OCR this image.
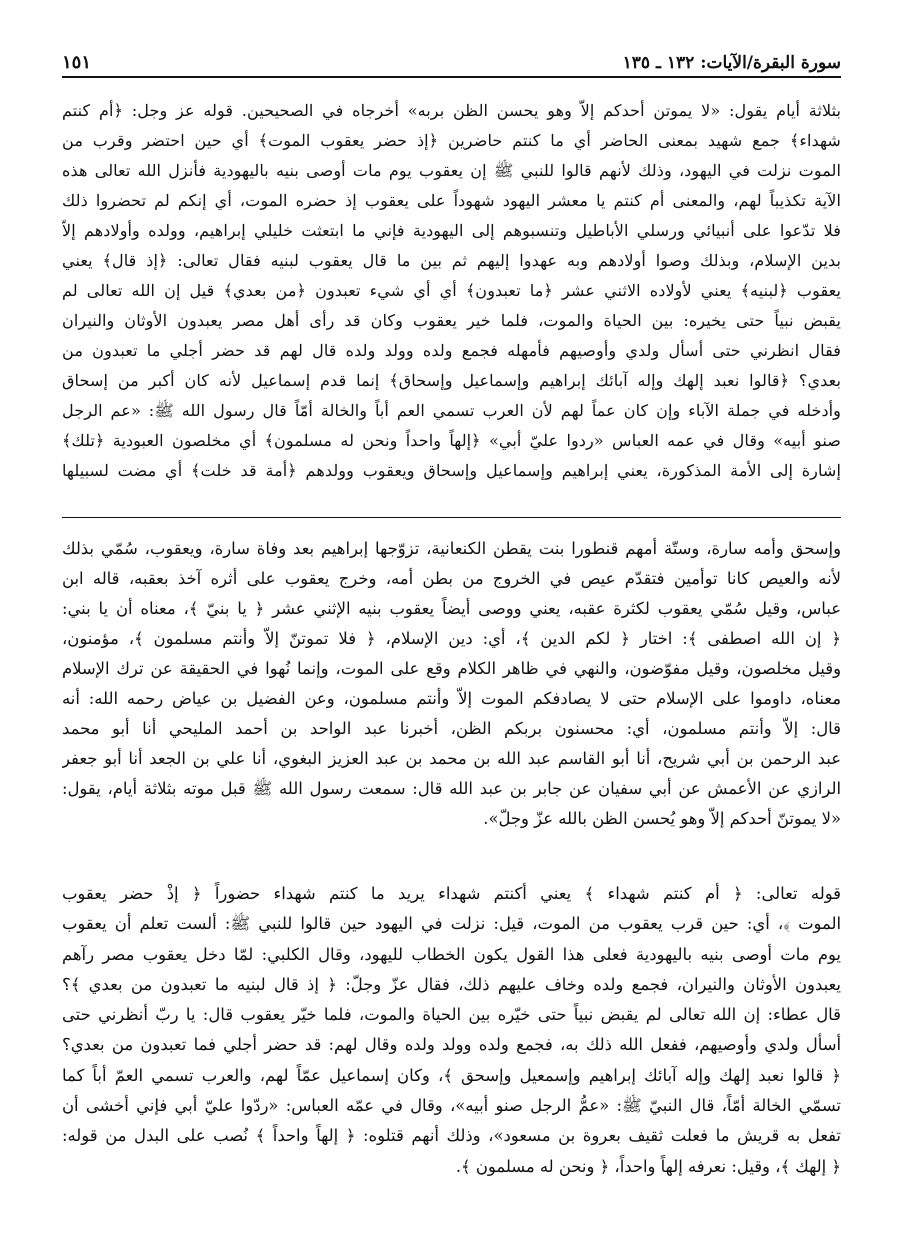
سورة البقرة/الآيات: ١٣٢ ـ ١٣٥
١٥١
بثلاثة أيام يقول: «لا يموتن أحدكم إلاّ وهو يحسن الظن بربه» أخرجاه في الصحيحين. قوله عز وجل: ﴿أم كنتم
شهداء﴾ جمع شهيد بمعنى الحاضر أي ما كنتم حاضرين ﴿إذ حضر يعقوب الموت﴾ أي حين احتضر وقرب من
الموت نزلت في اليهود، وذلك لأنهم قالوا للنبي ﷺ إن يعقوب يوم مات أوصى بنيه باليهودية فأنزل الله تعالى هذه
الآية تكذيباً لهم، والمعنى أم كنتم يا معشر اليهود شهوداً على يعقوب إذ حضره الموت، أي إنكم لم تحضروا ذلك
فلا تدّعوا على أنبيائي ورسلي الأباطيل وتنسبوهم إلى اليهودية فإني ما ابتعثت خليلي إبراهيم، وولده وأولادهم إلاّ
بدين الإسلام، وبذلك وصوا أولادهم وبه عهدوا إليهم ثم بين ما قال يعقوب لبنيه فقال تعالى: ﴿إذ قال﴾ يعني
يعقوب ﴿لبنيه﴾ يعني لأولاده الاثني عشر ﴿ما تعبدون﴾ أي أي شيء تعبدون ﴿من بعدي﴾ قيل إن الله تعالى لم
يقبض نبياً حتى يخيره: بين الحياة والموت، فلما خير يعقوب وكان قد رأى أهل مصر يعبدون الأوثان والنيران
فقال انظرني حتى أسأل ولدي وأوصيهم فأمهله فجمع ولده وولد ولده قال لهم قد حضر أجلي ما تعبدون من
بعدي؟ ﴿قالوا نعبد إلهك وإله آبائك إبراهيم وإسماعيل وإسحاق﴾ إنما قدم إسماعيل لأنه كان أكبر من إسحاق
وأدخله في جملة الآباء وإن كان عماً لهم لأن العرب تسمي العم أباً والخالة أمّاً قال رسول الله ﷺ: «عم الرجل
صنو أبيه» وقال في عمه العباس «ردوا عليّ أبي» ﴿إلهاً واحداً ونحن له مسلمون﴾ أي مخلصون العبودية ﴿تلك﴾
إشارة إلى الأمة المذكورة، يعني إبراهيم وإسماعيل وإسحاق ويعقوب وولدهم ﴿أمة قد خلت﴾ أي مضت لسبيلها
وإسحق وأمه سارة، وستّة أمهم قنطورا بنت يقطن الكنعانية، تزوّجها إبراهيم بعد وفاة سارة، ويعقوب، سُمّي بذلك
لأنه والعيص كانا توأمين فتقدّم عيص في الخروج من بطن أمه، وخرج يعقوب على أثره آخذ بعقبه، قاله ابن
عباس، وقيل سُمّي يعقوب لكثرة عقبه، يعني ووصى أيضاً يعقوب بنيه الإثني عشر ﴿ يا بنيّ ﴾، معناه أن يا بني:
﴿ إن الله اصطفى ﴾: اختار ﴿ لكم الدين ﴾، أي: دين الإسلام، ﴿ فلا تموتنّ إلاّ وأنتم مسلمون ﴾، مؤمنون،
وقيل مخلصون، وقيل مفوّضون، والنهي في ظاهر الكلام وقع على الموت، وإنما نُهوا في الحقيقة عن ترك الإسلام
معناه، داوموا على الإسلام حتى لا يصادفكم الموت إلاّ وأنتم مسلمون، وعن الفضيل بن عياض رحمه الله: أنه
قال: إلاّ وأنتم مسلمون، أي: محسنون بربكم الظن، أخبرنا عبد الواحد بن أحمد المليحي أنا أبو محمد
عبد الرحمن بن أبي شريح، أنا أبو القاسم عبد الله بن محمد بن عبد العزيز البغوي، أنا علي بن الجعد أنا أبو جعفر
الرازي عن الأعمش عن أبي سفيان عن جابر بن عبد الله قال: سمعت رسول الله ﷺ قبل موته بثلاثة أيام، يقول:
«لا يموتنّ أحدكم إلاّ وهو يُحسن الظن بالله عزّ وجلّ».
قوله تعالى: ﴿ أم كنتم شهداء ﴾ يعني أكنتم شهداء يريد ما كنتم شهداء حضوراً ﴿ إذْ حضر يعقوب
الموت ﴾، أي: حين قرب يعقوب من الموت، قيل: نزلت في اليهود حين قالوا للنبي ﷺ: ألست تعلم أن يعقوب
يوم مات أوصى بنيه باليهودية فعلى هذا القول يكون الخطاب لليهود، وقال الكلبي: لمّا دخل يعقوب مصر رآهم
يعبدون الأوثان والنيران، فجمع ولده وخاف عليهم ذلك، فقال عزّ وجلّ: ﴿ إذ قال لبنيه ما تعبدون من بعدي ﴾؟
قال عطاء: إن الله تعالى لم يقبض نبياً حتى خيّره بين الحياة والموت، فلما خيّر يعقوب قال: يا ربّ أنظرني حتى
أسأل ولدي وأوصيهم، ففعل الله ذلك به، فجمع ولده وولد ولده وقال لهم: قد حضر أجلي فما تعبدون من بعدي؟
﴿ قالوا نعبد إلهك وإله آبائك إبراهيم وإسمعيل وإسحق ﴾، وكان إسماعيل عمّاً لهم، والعرب تسمي العمّ أباً كما
تسمّي الخالة أمّاً، قال النبيّ ﷺ: «عمُّ الرجل صنو أبيه»، وقال في عمّه العباس: «ردّوا عليّ أبي فإني أخشى أن
تفعل به قريش ما فعلت ثقيف بعروة بن مسعود»، وذلك أنهم قتلوه: ﴿ إلهاً واحداً ﴾ نُصب على البدل من قوله:
﴿ إلهك ﴾، وقيل: نعرفه إلهاً واحداً، ﴿ ونحن له مسلمون ﴾.
